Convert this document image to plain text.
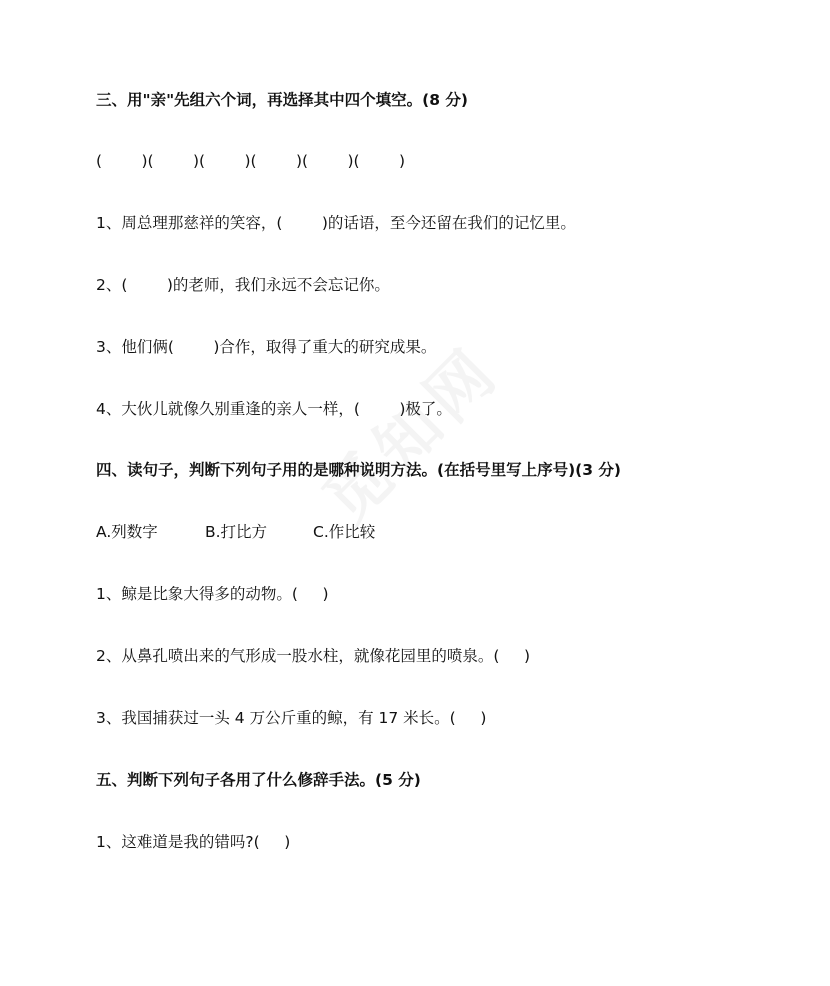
三、用"亲"先组六个词，再选择其中四个填空。(8 分)
(        )(        )(        )(        )(        )(        )
1、周总理那慈祥的笑容，(        )的话语，至今还留在我们的记忆里。
2、(        )的老师，我们永远不会忘记你。
3、他们俩(        )合作，取得了重大的研究成果。
4、大伙儿就像久别重逢的亲人一样，(        )极了。
四、读句子，判断下列句子用的是哪种说明方法。(在括号里写上序号)(3 分)
A.列数字	B.打比方	C.作比较
1、鲸是比象大得多的动物。(     )
2、从鼻孔喷出来的气形成一股水柱，就像花园里的喷泉。(     )
3、我国捕获过一头 4 万公斤重的鲸，有 17 米长。(     )
五、判断下列句子各用了什么修辞手法。(5 分)
1、这难道是我的错吗?(     )
